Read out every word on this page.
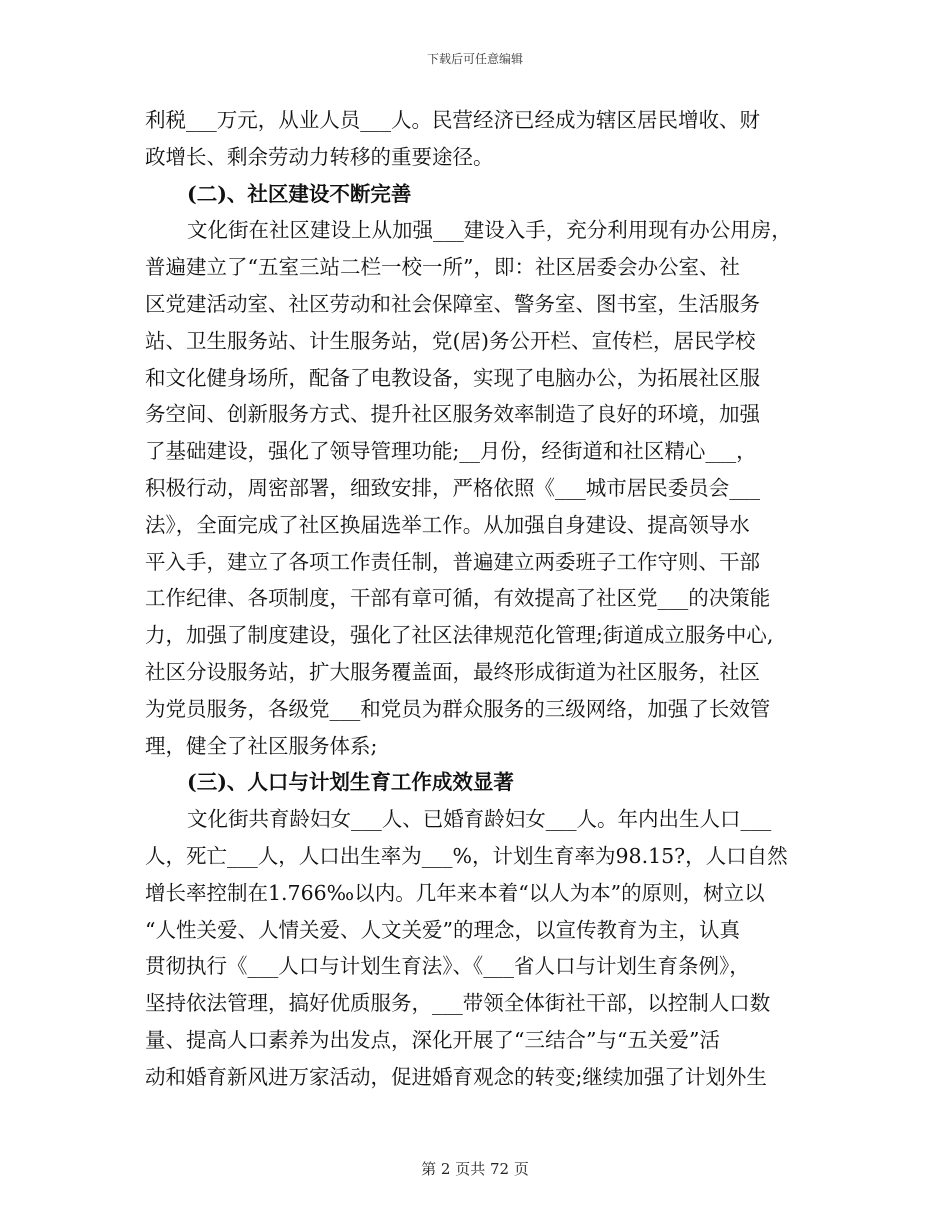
下载后可任意编辑
利税___万元，从业人员___人。民营经济已经成为辖区居民增收、财
政增长、剩余劳动力转移的重要途径。
(二)、社区建设不断完善
文化街在社区建设上从加强___建设入手，充分利用现有办公用房，
普遍建立了“五室三站二栏一校一所”，即：社区居委会办公室、社
区党建活动室、社区劳动和社会保障室、警务室、图书室，生活服务
站、卫生服务站、计生服务站，党(居)务公开栏、宣传栏，居民学校
和文化健身场所，配备了电教设备，实现了电脑办公，为拓展社区服
务空间、创新服务方式、提升社区服务效率制造了良好的环境，加强
了基础建设，强化了领导管理功能;__月份，经街道和社区精心___，
积极行动，周密部署，细致安排，严格依照《___城市居民委员会___
法》，全面完成了社区换届选举工作。从加强自身建设、提高领导水
平入手，建立了各项工作责任制，普遍建立两委班子工作守则、干部
工作纪律、各项制度，干部有章可循，有效提高了社区党___的决策能
力，加强了制度建设，强化了社区法律规范化管理;街道成立服务中心,
社区分设服务站，扩大服务覆盖面，最终形成街道为社区服务，社区
为党员服务，各级党___和党员为群众服务的三级网络，加强了长效管
理，健全了社区服务体系;
(三)、人口与计划生育工作成效显著
文化街共育龄妇女___人、已婚育龄妇女___人。年内出生人口___
人，死亡___人，人口出生率为___%，计划生育率为98.15?，人口自然
增长率控制在1.766‰以内。几年来本着“以人为本”的原则，树立以
“人性关爱、人情关爱、人文关爱”的理念，以宣传教育为主，认真
贯彻执行《___人口与计划生育法》、《___省人口与计划生育条例》，
坚持依法管理，搞好优质服务，___带领全体街社干部，以控制人口数
量、提高人口素养为出发点，深化开展了“三结合”与“五关爱”活
动和婚育新风进万家活动，促进婚育观念的转变;继续加强了计划外生
第 2 页共 72 页
